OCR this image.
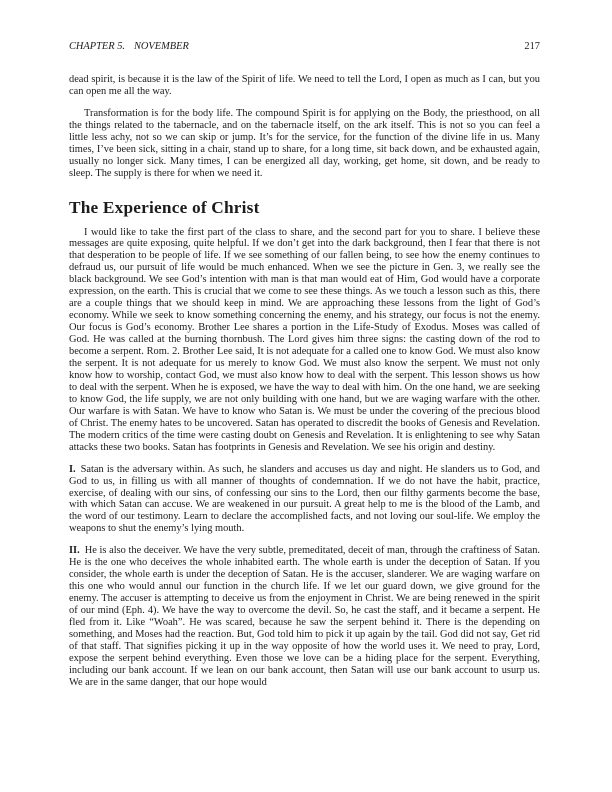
CHAPTER 5. NOVEMBER	217

dead spirit, is because it is the law of the Spirit of life. We need to tell the Lord, I open as much as I can, but you can open me all the way.

Transformation is for the body life. The compound Spirit is for applying on the Body, the priesthood, on all the things related to the tabernacle, and on the tabernacle itself, on the ark itself. This is not so you can feel a little less achy, not so we can skip or jump. It’s for the service, for the function of the divine life in us. Many times, I’ve been sick, sitting in a chair, stand up to share, for a long time, sit back down, and be exhausted again, usually no longer sick. Many times, I can be energized all day, working, get home, sit down, and be ready to sleep. The supply is there for when we need it.

The Experience of Christ

I would like to take the first part of the class to share, and the second part for you to share. I believe these messages are quite exposing, quite helpful. If we don’t get into the dark background, then I fear that there is not that desperation to be people of life. If we see something of our fallen being, to see how the enemy continues to defraud us, our pursuit of life would be much enhanced. When we see the picture in Gen. 3, we really see the black background. We see God’s intention with man is that man would eat of Him, God would have a corporate expression, on the earth. This is crucial that we come to see these things. As we touch a lesson such as this, there are a couple things that we should keep in mind. We are approaching these lessons from the light of God’s economy. While we seek to know something concerning the enemy, and his strategy, our focus is not the enemy. Our focus is God’s economy. Brother Lee shares a portion in the Life-Study of Exodus. Moses was called of God. He was called at the burning thornbush. The Lord gives him three signs: the casting down of the rod to become a serpent. Rom. 2. Brother Lee said, It is not adequate for a called one to know God. We must also know the serpent. It is not adequate for us merely to know God. We must also know the serpent. We must not only know how to worship, contact God, we must also know how to deal with the serpent. This lesson shows us how to deal with the serpent. When he is exposed, we have the way to deal with him. On the one hand, we are seeking to know God, the life supply, we are not only building with one hand, but we are waging warfare with the other. Our warfare is with Satan. We have to know who Satan is. We must be under the covering of the precious blood of Christ. The enemy hates to be uncovered. Satan has operated to discredit the books of Genesis and Revelation. The modern critics of the time were casting doubt on Genesis and Revelation. It is enlightening to see why Satan attacks these two books. Satan has footprints in Genesis and Revelation. We see his origin and destiny.

I. Satan is the adversary within. As such, he slanders and accuses us day and night. He slanders us to God, and God to us, in filling us with all manner of thoughts of condemnation. If we do not have the habit, practice, exercise, of dealing with our sins, of confessing our sins to the Lord, then our filthy garments become the base, with which Satan can accuse. We are weakened in our pursuit. A great help to me is the blood of the Lamb, and the word of our testimony. Learn to declare the accomplished facts, and not loving our soul-life. We employ the weapons to shut the enemy’s lying mouth.

II. He is also the deceiver. We have the very subtle, premeditated, deceit of man, through the craftiness of Satan. He is the one who deceives the whole inhabited earth. The whole earth is under the deception of Satan. If you consider, the whole earth is under the deception of Satan. He is the accuser, slanderer. We are waging warfare on this one who would annul our function in the church life. If we let our guard down, we give ground for the enemy. The accuser is attempting to deceive us from the enjoyment in Christ. We are being renewed in the spirit of our mind (Eph. 4). We have the way to overcome the devil. So, he cast the staff, and it became a serpent. He fled from it. Like “Woah”. He was scared, because he saw the serpent behind it. There is the depending on something, and Moses had the reaction. But, God told him to pick it up again by the tail. God did not say, Get rid of that staff. That signifies picking it up in the way opposite of how the world uses it. We need to pray, Lord, expose the serpent behind everything. Even those we love can be a hiding place for the serpent. Everything, including our bank account. If we lean on our bank account, then Satan will use our bank account to usurp us. We are in the same danger, that our hope would
